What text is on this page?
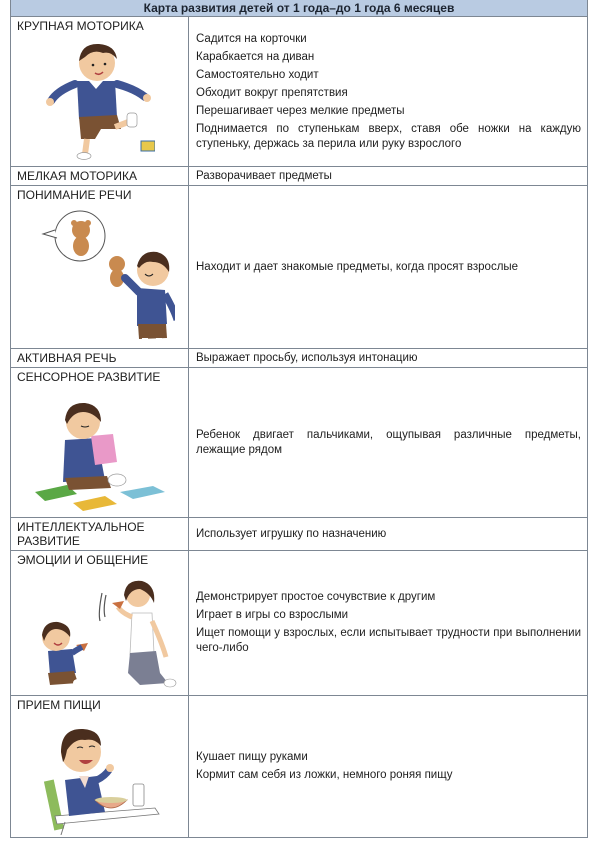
Карта развития детей от 1 года–до 1 года 6 месяцев
КРУПНАЯ МОТОРИКА

Садится на корточки

Карабкается на диван

Самостоятельно ходит

Обходит вокруг препятствия

Перешагивает через мелкие предметы

Поднимается по ступенькам вверх, ставя обе ножки на каждую ступеньку, держась за перила или руку взрослого

МЕЛКАЯ МОТОРИКА	Разворачивает предметы

ПОНИМАНИЕ РЕЧИ

Находит и дает знакомые предметы, когда просят взрослые

АКТИВНАЯ РЕЧЬ	Выражает просьбу, используя интонацию

СЕНСОРНОЕ РАЗВИТИЕ

Ребенок двигает пальчиками, ощупывая различные предметы, лежащие рядом

ИНТЕЛЛЕКТУАЛЬНОЕ РАЗВИТИЕ

Использует игрушку по назначению

ЭМОЦИИ И ОБЩЕНИЕ

Демонстрирует простое сочувствие к другим

Играет в игры со взрослыми

Ищет помощи у взрослых, если испытывает трудности при выполнении чего-либо

ПРИЕМ ПИЩИ

Кушает пищу руками

Кормит сам себя из ложки, немного роняя пищу
